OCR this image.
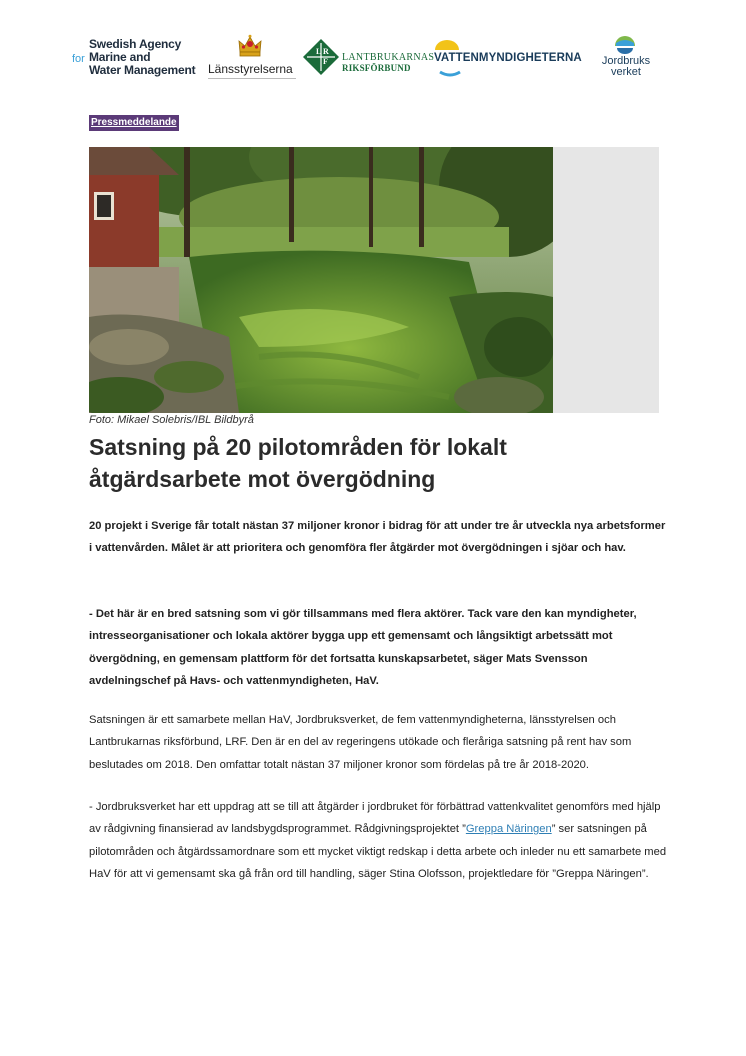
for
Swedish Agency
Marine and
Water Management Länsstyrelserna
L
F
R
LANTBRUKARNAS
RIKSFÖRBUND
VATTENMYNDIGHETERNA	Jordbruks
verket
Pressmeddelande
Foto: Mikael Solebris/IBL Bildbyrå
Satsning på 20 pilotområden för lokalt åtgärdsarbete mot övergödning

20 projekt i Sverige får totalt nästan 37 miljoner kronor i bidrag för att under tre år utveckla nya arbetsformer i vattenvården. Målet är att prioritera och genomföra fler åtgärder mot övergödningen i sjöar och hav.

- Det här är en bred satsning som vi gör tillsammans med flera aktörer. Tack vare den kan myndigheter, intresseorganisationer och lokala aktörer bygga upp ett gemensamt och långsiktigt arbetssätt mot övergödning, en gemensam plattform för det fortsatta kunskapsarbetet, säger Mats Svensson avdelningschef på Havs- och vattenmyndigheten, HaV.

Satsningen är ett samarbete mellan HaV, Jordbruksverket, de fem vattenmyndigheterna, länsstyrelsen och Lantbrukarnas riksförbund, LRF. Den är en del av regeringens utökade och fleråriga satsning på rent hav som beslutades om 2018. Den omfattar totalt nästan 37 miljoner kronor som fördelas på tre år 2018-2020.

- Jordbruksverket har ett uppdrag att se till att åtgärder i jordbruket för förbättrad vattenkvalitet genomförs med hjälp av rådgivning finansierad av landsbygdsprogrammet. Rådgivningsprojektet ”Greppa Näringen” ser satsningen på pilotområden och åtgärdssamordnare som ett mycket viktigt redskap i detta arbete och inleder nu ett samarbete med HaV för att vi gemensamt ska gå från ord till handling, säger Stina Olofsson, projektledare för ”Greppa Näringen”.
